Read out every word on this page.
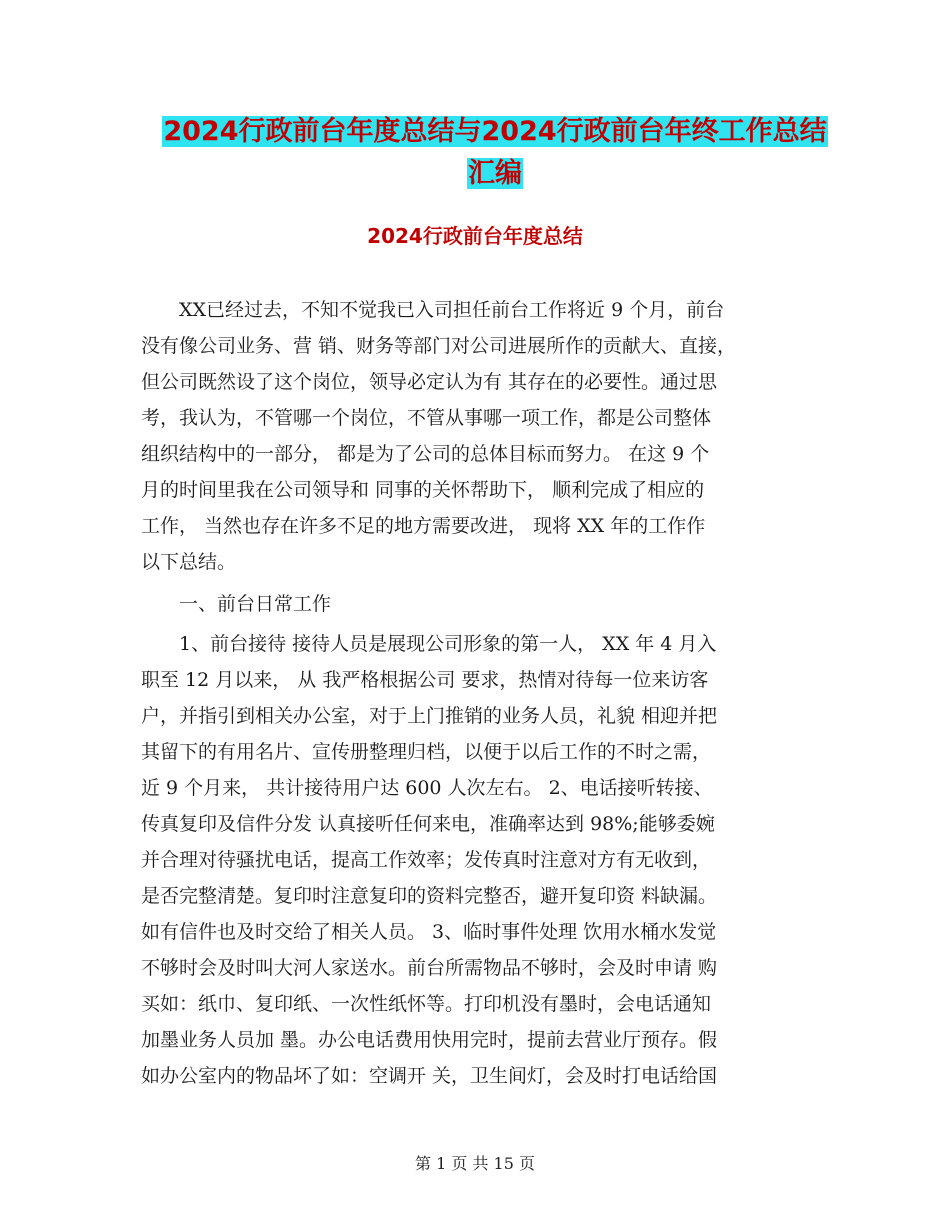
2024行政前台年度总结与2024行政前台年终工作总结
汇编
2024行政前台年度总结
　　XX已经过去，不知不觉我已入司担任前台工作将近 9 个月，前台
没有像公司业务、营 销、财务等部门对公司进展所作的贡献大、直接，
但公司既然设了这个岗位，领导必定认为有 其存在的必要性。通过思
考，我认为，不管哪一个岗位，不管从事哪一项工作，都是公司整体
组织结构中的一部分， 都是为了公司的总体目标而努力。 在这 9 个
月的时间里我在公司领导和 同事的关怀帮助下， 顺利完成了相应的
工作， 当然也存在许多不足的地方需要改进， 现将 XX 年的工作作
以下总结。
　　一、前台日常工作
　　1、前台接待 接待人员是展现公司形象的第一人， XX 年 4 月入
职至 12 月以来， 从 我严格根据公司 要求，热情对待每一位来访客
户，并指引到相关办公室，对于上门推销的业务人员，礼貌 相迎并把
其留下的有用名片、宣传册整理归档，以便于以后工作的不时之需，
近 9 个月来， 共计接待用户达 600 人次左右。 2、电话接听转接、
传真复印及信件分发 认真接听任何来电，准确率达到 98%;能够委婉
并合理对待骚扰电话，提高工作效率；发传真时注意对方有无收到，
是否完整清楚。复印时注意复印的资料完整否，避开复印资 料缺漏。
如有信件也及时交给了相关人员。 3、临时事件处理 饮用水桶水发觉
不够时会及时叫大河人家送水。前台所需物品不够时，会及时申请 购
买如：纸巾、复印纸、一次性纸怀等。打印机没有墨时，会电话通知
加墨业务人员加 墨。办公电话费用快用完时，提前去营业厅预存。假
如办公室内的物品坏了如：空调开 关，卫生间灯，会及时打电话给国
第 1 页 共 15 页
